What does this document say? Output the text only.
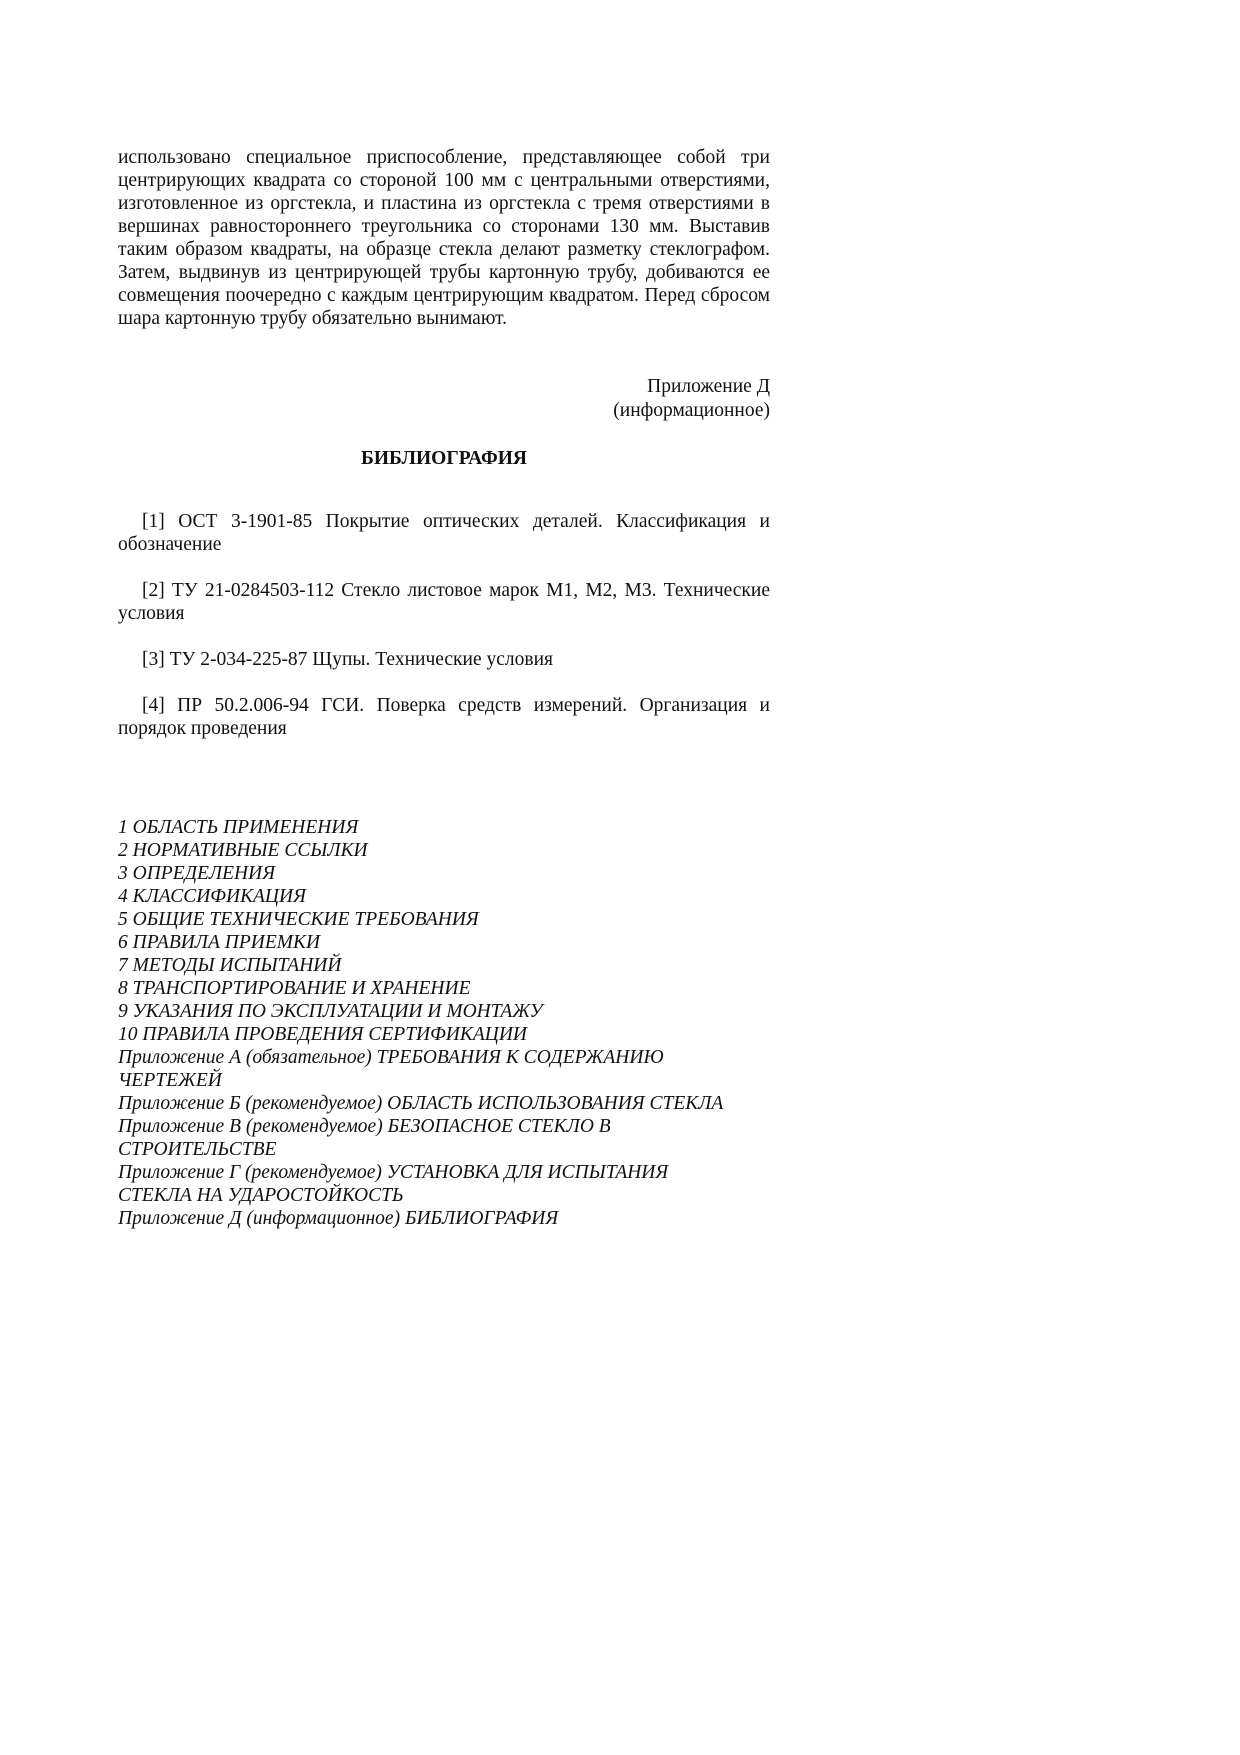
использовано специальное приспособление, представляющее собой три центрирующих квадрата со стороной 100 мм с центральными отверстиями, изготовленное из оргстекла, и пластина из оргстекла с тремя отверстиями в вершинах равностороннего треугольника со сторонами 130 мм. Выставив таким образом квадраты, на образце стекла делают разметку стеклографом. Затем, выдвинув из центрирующей трубы картонную трубу, добиваются ее совмещения поочередно с каждым центрирующим квадратом. Перед сбросом шара картонную трубу обязательно вынимают.

Приложение Д
(информационное)
БИБЛИОГРАФИЯ

[1] ОСТ 3-1901-85 Покрытие оптических деталей. Классификация и обозначение

[2] ТУ 21-0284503-112 Стекло листовое марок М1, М2, М3. Технические условия

[3] ТУ 2-034-225-87 Щупы. Технические условия

[4] ПР 50.2.006-94 ГСИ. Поверка средств измерений. Организация и порядок проведения

1 ОБЛАСТЬ ПРИМЕНЕНИЯ

2 НОРМАТИВНЫЕ ССЫЛКИ

3 ОПРЕДЕЛЕНИЯ

4 КЛАССИФИКАЦИЯ

5 ОБЩИЕ ТЕХНИЧЕСКИЕ ТРЕБОВАНИЯ

6 ПРАВИЛА ПРИЕМКИ

7 МЕТОДЫ ИСПЫТАНИЙ

8 ТРАНСПОРТИРОВАНИЕ И ХРАНЕНИЕ

9 УКАЗАНИЯ ПО ЭКСПЛУАТАЦИИ И МОНТАЖУ

10 ПРАВИЛА ПРОВЕДЕНИЯ СЕРТИФИКАЦИИ

Приложение А (обязательное) ТРЕБОВАНИЯ К СОДЕРЖАНИЮ ЧЕРТЕЖЕЙ

Приложение Б (рекомендуемое) ОБЛАСТЬ ИСПОЛЬЗОВАНИЯ СТЕКЛА

Приложение В (рекомендуемое) БЕЗОПАСНОЕ СТЕКЛО В СТРОИТЕЛЬСТВЕ

Приложение Г (рекомендуемое) УСТАНОВКА ДЛЯ ИСПЫТАНИЯ СТЕКЛА НА УДАРОСТОЙКОСТЬ

Приложение Д (информационное) БИБЛИОГРАФИЯ
